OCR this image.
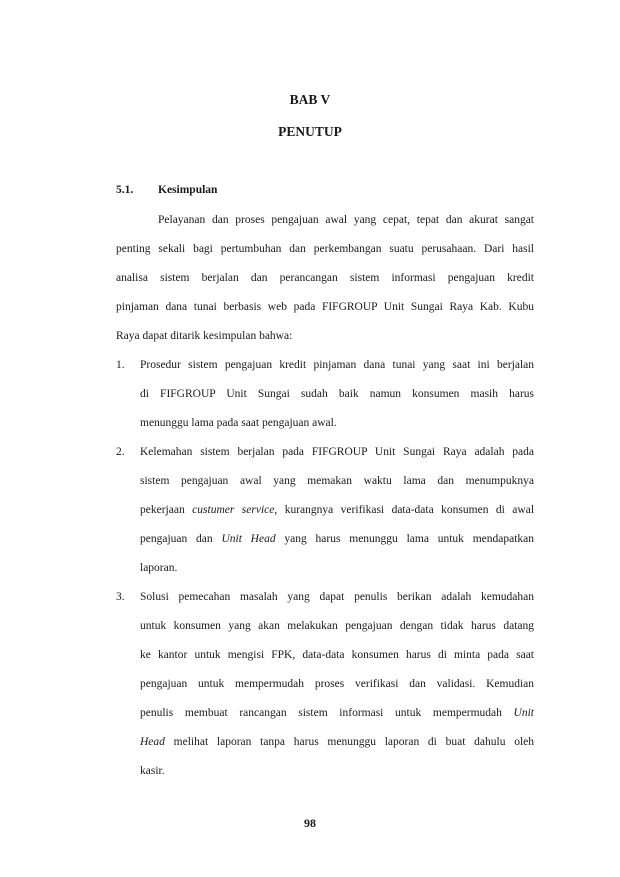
BAB V
PENUTUP
5.1. Kesimpulan
Pelayanan dan proses pengajuan awal yang cepat, tepat dan akurat sangat
penting sekali bagi pertumbuhan dan perkembangan suatu perusahaan. Dari hasil
analisa sistem berjalan dan perancangan sistem informasi pengajuan kredit
pinjaman dana tunai berbasis web pada FIFGROUP Unit Sungai Raya Kab. Kubu
Raya dapat ditarik kesimpulan bahwa:
1. Prosedur sistem pengajuan kredit pinjaman dana tunai yang saat ini berjalan
di FIFGROUP Unit Sungai sudah baik namun konsumen masih harus
menunggu lama pada saat pengajuan awal.
2. Kelemahan sistem berjalan pada FIFGROUP Unit Sungai Raya adalah pada
sistem pengajuan awal yang memakan waktu lama dan menumpuknya
pekerjaan custumer service, kurangnya verifikasi data-data konsumen di awal
pengajuan dan Unit Head yang harus menunggu lama untuk mendapatkan
laporan.
3. Solusi pemecahan masalah yang dapat penulis berikan adalah kemudahan
untuk konsumen yang akan melakukan pengajuan dengan tidak harus datang
ke kantor untuk mengisi FPK, data-data konsumen harus di minta pada saat
pengajuan untuk mempermudah proses verifikasi dan validasi. Kemudian
penulis membuat rancangan sistem informasi untuk mempermudah Unit
Head melihat laporan tanpa harus menunggu laporan di buat dahulu oleh
kasir.
98
